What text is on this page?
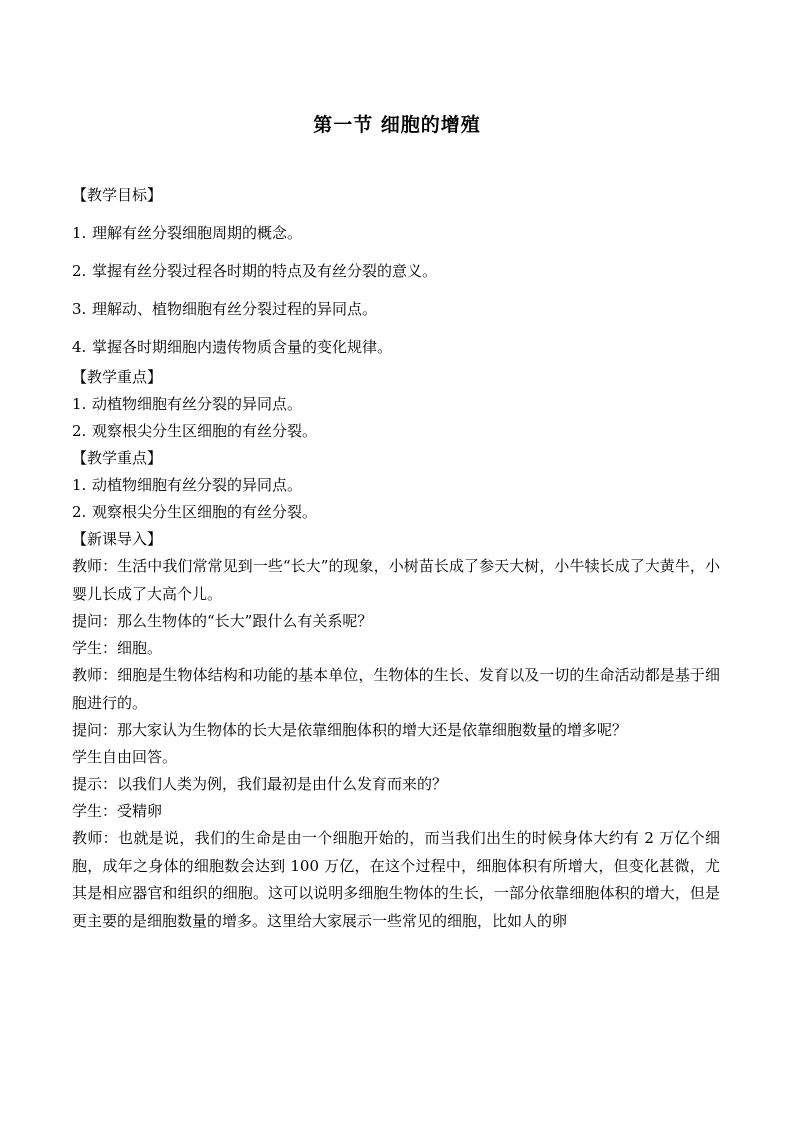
第一节 细胞的增殖

【教学目标】

1. 理解有丝分裂细胞周期的概念。

2. 掌握有丝分裂过程各时期的特点及有丝分裂的意义。

3. 理解动、植物细胞有丝分裂过程的异同点。

4. 掌握各时期细胞内遗传物质含量的变化规律。

【教学重点】

1. 动植物细胞有丝分裂的异同点。

2. 观察根尖分生区细胞的有丝分裂。

【教学重点】

1. 动植物细胞有丝分裂的异同点。

2. 观察根尖分生区细胞的有丝分裂。

【新课导入】

教师：生活中我们常常见到一些“长大”的现象，小树苗长成了参天大树，小牛犊长成了大黄牛，小婴儿长成了大高个儿。

提问：那么生物体的“长大”跟什么有关系呢？

学生：细胞。

教师：细胞是生物体结构和功能的基本单位，生物体的生长、发育以及一切的生命活动都是基于细胞进行的。

提问：那大家认为生物体的长大是依靠细胞体积的增大还是依靠细胞数量的增多呢？

学生自由回答。

提示：以我们人类为例，我们最初是由什么发育而来的？

学生：受精卵

教师：也就是说，我们的生命是由一个细胞开始的，而当我们出生的时候身体大约有 2 万亿个细胞，成年之身体的细胞数会达到 100 万亿，在这个过程中，细胞体积有所增大，但变化甚微，尤其是相应器官和组织的细胞。这可以说明多细胞生物体的生长，一部分依靠细胞体积的增大，但是更主要的是细胞数量的增多。这里给大家展示一些常见的细胞，比如人的卵
